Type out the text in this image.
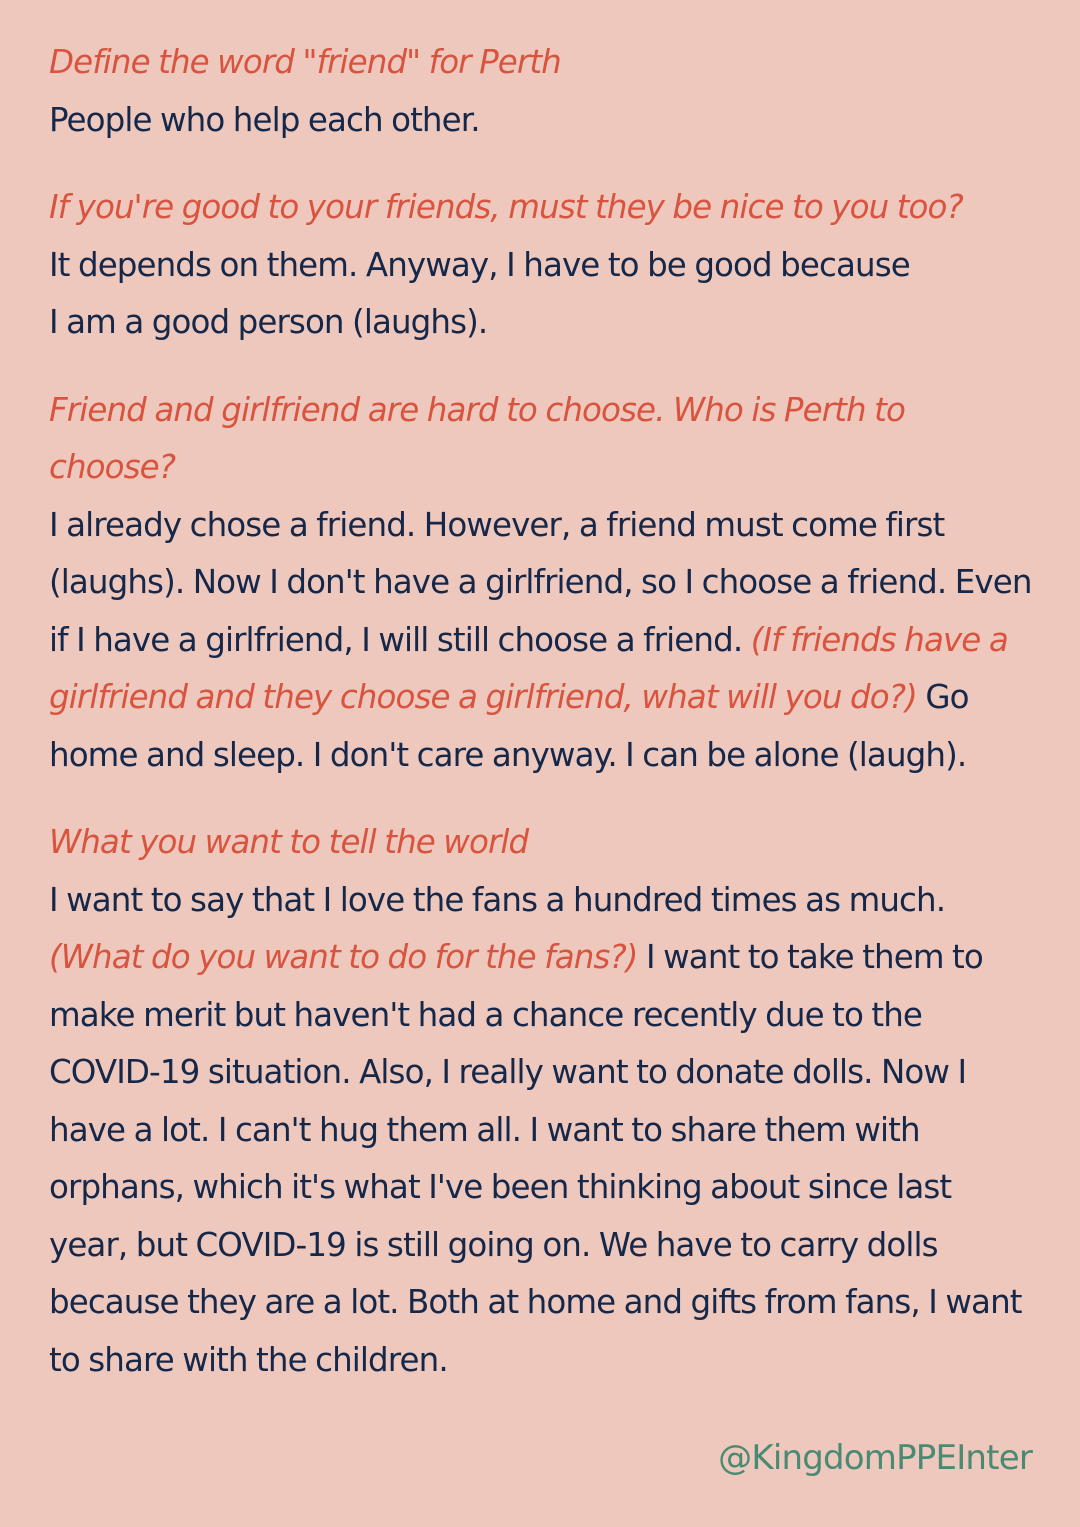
Define the word "friend" for Perth
People who help each other.
If you're good to your friends, must they be nice to you too?
It depends on them. Anyway, I have to be good because
I am a good person (laughs).
Friend and girlfriend are hard to choose. Who is Perth to choose?
I already chose a friend. However, a friend must come first (laughs). Now I don't have a girlfriend, so I choose a friend. Even if I have a girlfriend, I will still choose a friend. (If friends have a girlfriend and they choose a girlfriend, what will you do?) Go home and sleep. I don't care anyway. I can be alone (laugh).
What you want to tell the world
I want to say that I love the fans a hundred times as much. (What do you want to do for the fans?) I want to take them to make merit but haven't had a chance recently due to the COVID-19 situation. Also, I really want to donate dolls. Now I have a lot. I can't hug them all. I want to share them with orphans, which it's what I've been thinking about since last year, but COVID-19 is still going on. We have to carry dolls because they are a lot. Both at home and gifts from fans, I want to share with the children.
@KingdomPPEInter
